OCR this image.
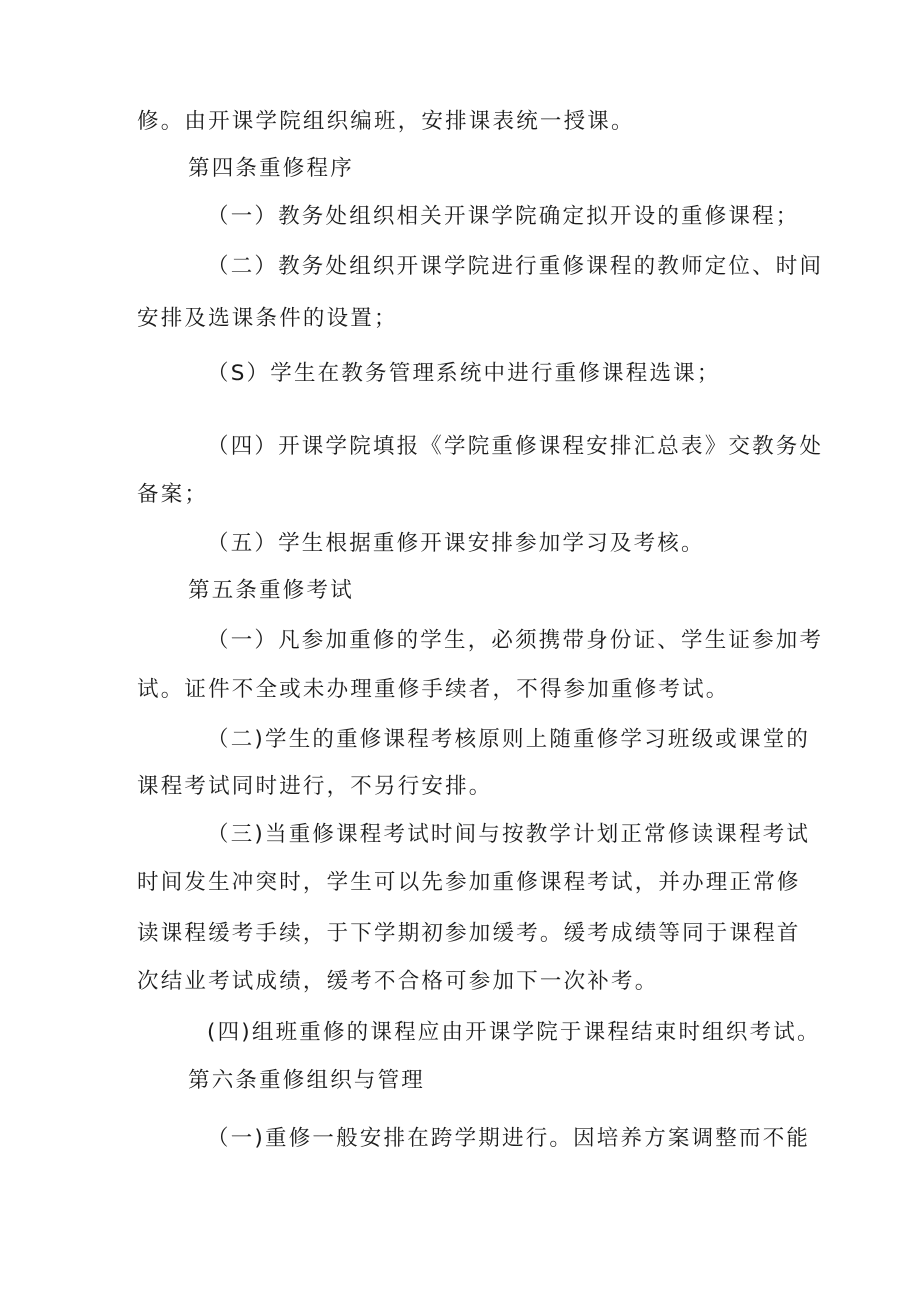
修。由开课学院组织编班，安排课表统一授课。
第四条重修程序
（一）教务处组织相关开课学院确定拟开设的重修课程；
（二）教务处组织开课学院进行重修课程的教师定位、时间
安排及选课条件的设置；
（S）学生在教务管理系统中进行重修课程选课；
（四）开课学院填报《学院重修课程安排汇总表》交教务处
备案；
（五）学生根据重修开课安排参加学习及考核。
第五条重修考试
（一）凡参加重修的学生，必须携带身份证、学生证参加考
试。证件不全或未办理重修手续者，不得参加重修考试。
（二)学生的重修课程考核原则上随重修学习班级或课堂的
课程考试同时进行，不另行安排。
（三)当重修课程考试时间与按教学计划正常修读课程考试
时间发生冲突时，学生可以先参加重修课程考试，并办理正常修
读课程缓考手续，于下学期初参加缓考。缓考成绩等同于课程首
次结业考试成绩，缓考不合格可参加下一次补考。
(四)组班重修的课程应由开课学院于课程结束时组织考试。
第六条重修组织与管理
（一)重修一般安排在跨学期进行。因培养方案调整而不能
